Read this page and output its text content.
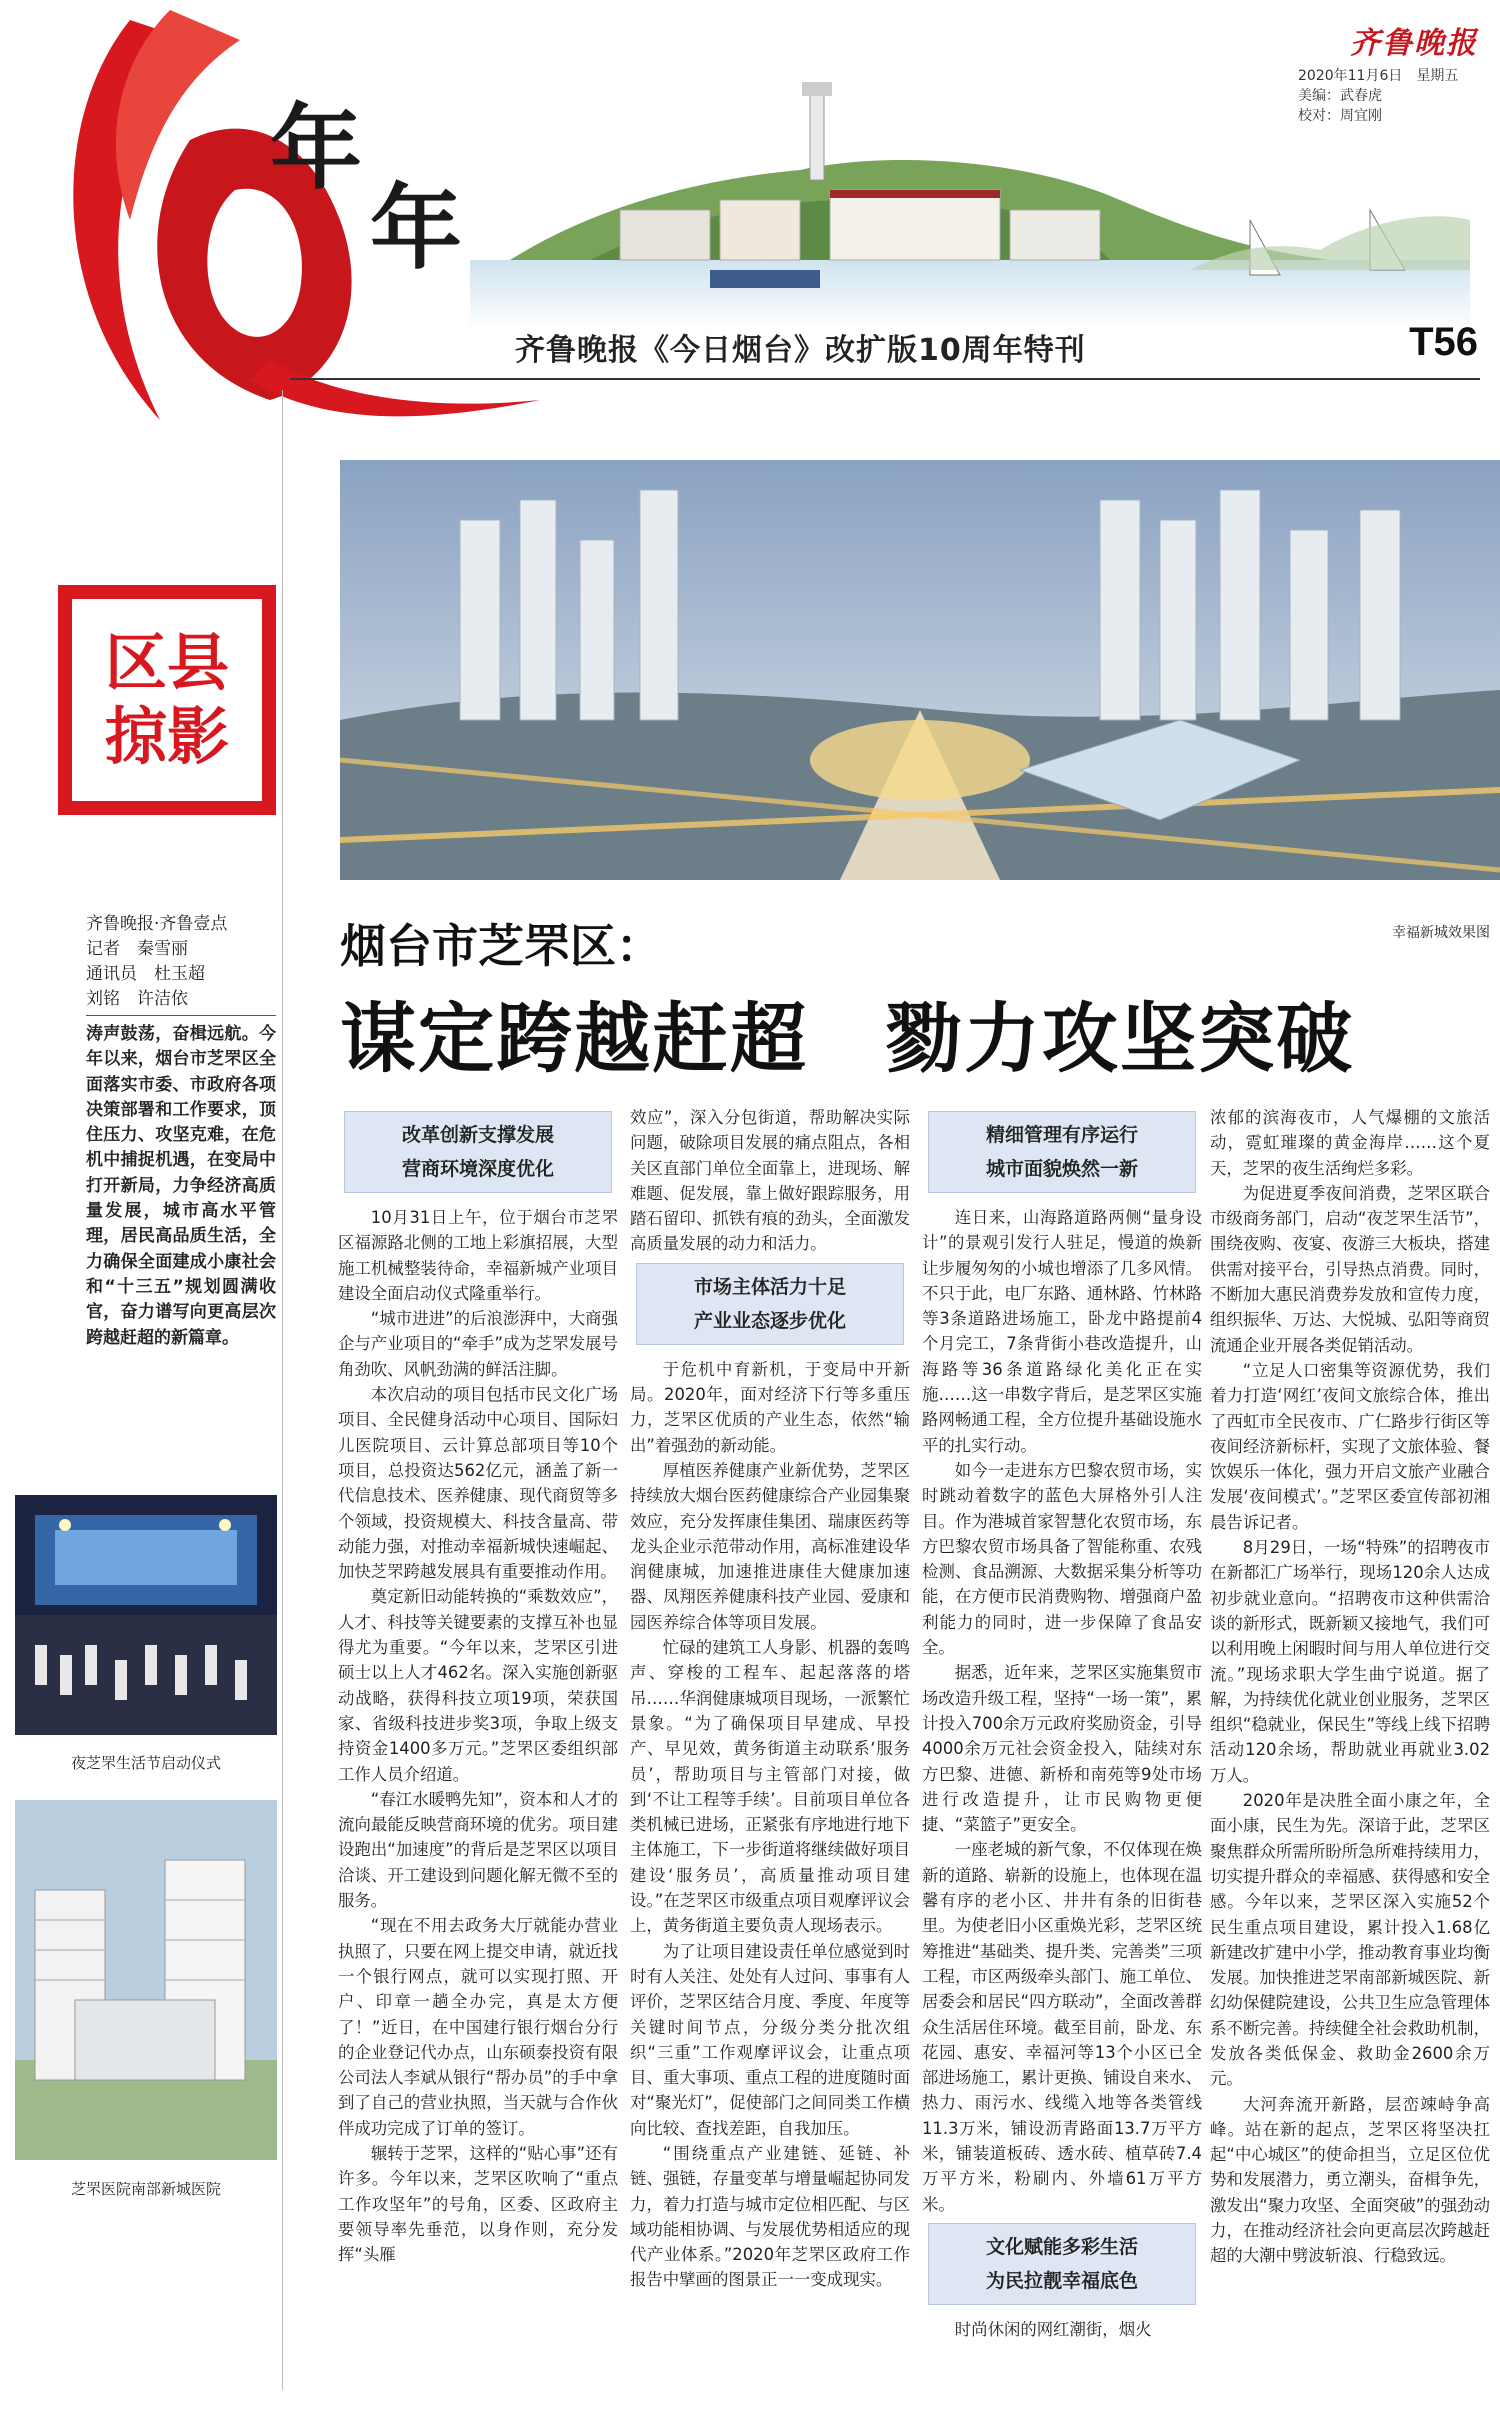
年
年
齐鲁晚报
2020年11月6日　星期五
美编：武春虎
校对：周宜刚
齐鲁晚报《今日烟台》改扩版10周年特刊	T56
区县
掠影
齐鲁晚报·齐鲁壹点
记者　秦雪丽
通讯员　杜玉超
刘铭　许洁依
涛声鼓荡，奋楫远航。今年以来，烟台市芝罘区全面落实市委、市政府各项决策部署和工作要求，顶住压力、攻坚克难，在危机中捕捉机遇，在变局中打开新局，力争经济高质量发展，城市高水平管理，居民高品质生活，全力确保全面建成小康社会和“十三五”规划圆满收官，奋力谱写向更高层次跨越赶超的新篇章。
夜芝罘生活节启动仪式
芝罘医院南部新城医院
幸福新城效果图
烟台市芝罘区：
谋定跨越赶超　勠力攻坚突破
改革创新支撑发展
营商环境深度优化

10月31日上午，位于烟台市芝罘区福源路北侧的工地上彩旗招展，大型施工机械整装待命，幸福新城产业项目建设全面启动仪式隆重举行。

“城市进进”的后浪澎湃中，大商强企与产业项目的“牵手”成为芝罘发展号角劲吹、风帆劲满的鲜活注脚。

本次启动的项目包括市民文化广场项目、全民健身活动中心项目、国际妇儿医院项目、云计算总部项目等10个项目，总投资达562亿元，涵盖了新一代信息技术、医养健康、现代商贸等多个领域，投资规模大、科技含量高、带动能力强，对推动幸福新城快速崛起、加快芝罘跨越发展具有重要推动作用。

奠定新旧动能转换的“乘数效应”，人才、科技等关键要素的支撑互补也显得尤为重要。“今年以来，芝罘区引进硕士以上人才462名。深入实施创新驱动战略，获得科技立项19项，荣获国家、省级科技进步奖3项，争取上级支持资金1400多万元。”芝罘区委组织部工作人员介绍道。

“春江水暖鸭先知”，资本和人才的流向最能反映营商环境的优劣。项目建设跑出“加速度”的背后是芝罘区以项目洽谈、开工建设到问题化解无微不至的服务。

“现在不用去政务大厅就能办营业执照了，只要在网上提交申请，就近找一个银行网点，就可以实现打照、开户、印章一趟全办完，真是太方便了！”近日，在中国建行银行烟台分行的企业登记代办点，山东硕泰投资有限公司法人李斌从银行“帮办员”的手中拿到了自己的营业执照，当天就与合作伙伴成功完成了订单的签订。

辗转于芝罘，这样的“贴心事”还有许多。今年以来，芝罘区吹响了“重点工作攻坚年”的号角，区委、区政府主要领导率先垂范，以身作则，充分发挥“头雁

效应”，深入分包街道，帮助解决实际问题，破除项目发展的痛点阻点，各相关区直部门单位全面靠上，进现场、解难题、促发展，靠上做好跟踪服务，用踏石留印、抓铁有痕的劲头，全面激发高质量发展的动力和活力。

市场主体活力十足
产业业态逐步优化

于危机中育新机，于变局中开新局。2020年，面对经济下行等多重压力，芝罘区优质的产业生态，依然“输出”着强劲的新动能。

厚植医养健康产业新优势，芝罘区持续放大烟台医药健康综合产业园集聚效应，充分发挥康佳集团、瑞康医药等龙头企业示范带动作用，高标准建设华润健康城，加速推进康佳大健康加速器、凤翔医养健康科技产业园、爱康和园医养综合体等项目发展。

忙碌的建筑工人身影、机器的轰鸣声、穿梭的工程车、起起落落的塔吊……华润健康城项目现场，一派繁忙景象。“为了确保项目早建成、早投产、早见效，黄务街道主动联系‘服务员’，帮助项目与主管部门对接，做到‘不让工程等手续’。目前项目单位各类机械已进场，正紧张有序地进行地下主体施工，下一步街道将继续做好项目建设‘服务员’，高质量推动项目建设。”在芝罘区市级重点项目观摩评议会上，黄务街道主要负责人现场表示。

为了让项目建设责任单位感觉到时时有人关注、处处有人过问、事事有人评价，芝罘区结合月度、季度、年度等关键时间节点，分级分类分批次组织“三重”工作观摩评议会，让重点项目、重大事项、重点工程的进度随时面对“聚光灯”，促使部门之间同类工作横向比较、查找差距，自我加压。

“围绕重点产业建链、延链、补链、强链，存量变革与增量崛起协同发力，着力打造与城市定位相匹配、与区域功能相协调、与发展优势相适应的现代产业体系。”2020年芝罘区政府工作报告中擘画的图景正一一变成现实。

精细管理有序运行
城市面貌焕然一新

连日来，山海路道路两侧“量身设计”的景观引发行人驻足，慢道的焕新让步履匆匆的小城也增添了几多风情。不只于此，电厂东路、通林路、竹林路等3条道路进场施工，卧龙中路提前4个月完工，7条背街小巷改造提升，山海路等36条道路绿化美化正在实施……这一串数字背后，是芝罘区实施路网畅通工程，全方位提升基础设施水平的扎实行动。

如今一走进东方巴黎农贸市场，实时跳动着数字的蓝色大屏格外引人注目。作为港城首家智慧化农贸市场，东方巴黎农贸市场具备了智能称重、农残检测、食品溯源、大数据采集分析等功能，在方便市民消费购物、增强商户盈利能力的同时，进一步保障了食品安全。

据悉，近年来，芝罘区实施集贸市场改造升级工程，坚持“一场一策”，累计投入700余万元政府奖励资金，引导4000余万元社会资金投入，陆续对东方巴黎、进德、新桥和南苑等9处市场进行改造提升，让市民购物更便捷、“菜篮子”更安全。

一座老城的新气象，不仅体现在焕新的道路、崭新的设施上，也体现在温馨有序的老小区、井井有条的旧街巷里。为使老旧小区重焕光彩，芝罘区统筹推进“基础类、提升类、完善类”三项工程，市区两级牵头部门、施工单位、居委会和居民“四方联动”，全面改善群众生活居住环境。截至目前，卧龙、东花园、惠安、幸福河等13个小区已全部进场施工，累计更换、铺设自来水、热力、雨污水、线缆入地等各类管线11.3万米，铺设沥青路面13.7万平方米，铺装道板砖、透水砖、植草砖7.4万平方米，粉刷内、外墙61万平方米。

文化赋能多彩生活
为民拉靓幸福底色

时尚休闲的网红潮街，烟火

浓郁的滨海夜市，人气爆棚的文旅活动，霓虹璀璨的黄金海岸……这个夏天，芝罘的夜生活绚烂多彩。

为促进夏季夜间消费，芝罘区联合市级商务部门，启动“夜芝罘生活节”，围绕夜购、夜宴、夜游三大板块，搭建供需对接平台，引导热点消费。同时，不断加大惠民消费券发放和宣传力度，组织振华、万达、大悦城、弘阳等商贸流通企业开展各类促销活动。

“立足人口密集等资源优势，我们着力打造‘网红’夜间文旅综合体，推出了西虹市全民夜市、广仁路步行街区等夜间经济新标杆，实现了文旅体验、餐饮娱乐一体化，强力开启文旅产业融合发展‘夜间模式’。”芝罘区委宣传部初湘晨告诉记者。

8月29日，一场“特殊”的招聘夜市在新都汇广场举行，现场120余人达成初步就业意向。“招聘夜市这种供需洽谈的新形式，既新颖又接地气，我们可以利用晚上闲暇时间与用人单位进行交流。”现场求职大学生曲宁说道。据了解，为持续优化就业创业服务，芝罘区组织“稳就业，保民生”等线上线下招聘活动120余场，帮助就业再就业3.02万人。

2020年是决胜全面小康之年，全面小康，民生为先。深谙于此，芝罘区聚焦群众所需所盼所急所难持续用力，切实提升群众的幸福感、获得感和安全感。今年以来，芝罘区深入实施52个民生重点项目建设，累计投入1.68亿新建改扩建中小学，推动教育事业均衡发展。加快推进芝罘南部新城医院、新幻幼保健院建设，公共卫生应急管理体系不断完善。持续健全社会救助机制，发放各类低保金、救助金2600余万元。

大河奔流开新路，层峦竦峙争高峰。站在新的起点，芝罘区将坚决扛起“中心城区”的使命担当，立足区位优势和发展潜力，勇立潮头，奋楫争先，激发出“聚力攻坚、全面突破”的强劲动力，在推动经济社会向更高层次跨越赶超的大潮中劈波斩浪、行稳致远。
